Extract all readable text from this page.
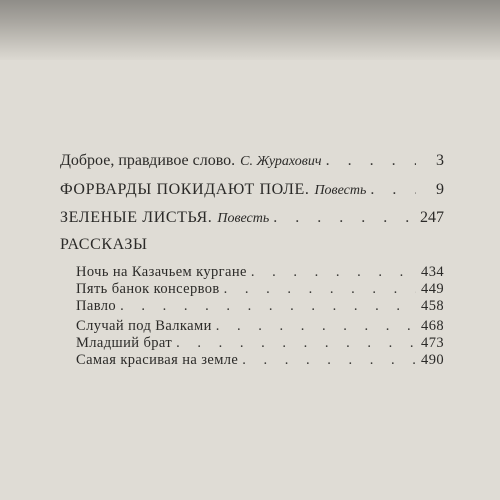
Доброе, правдивое слово. С. Журахович . . .	3
ФОРВАРДЫ ПОКИДАЮТ ПОЛЕ. Повесть . . .	9
ЗЕЛЕНЫЕ ЛИСТЬЯ. Повесть . . .	247
РАССКАЗЫ
Ночь на Казачьем кургане . . .	434
Пять банок консервов . . .	449
Павло . . .	458
Случай под Валками . . .	468
Младший брат . . .	473
Самая красивая на земле . . .	490
